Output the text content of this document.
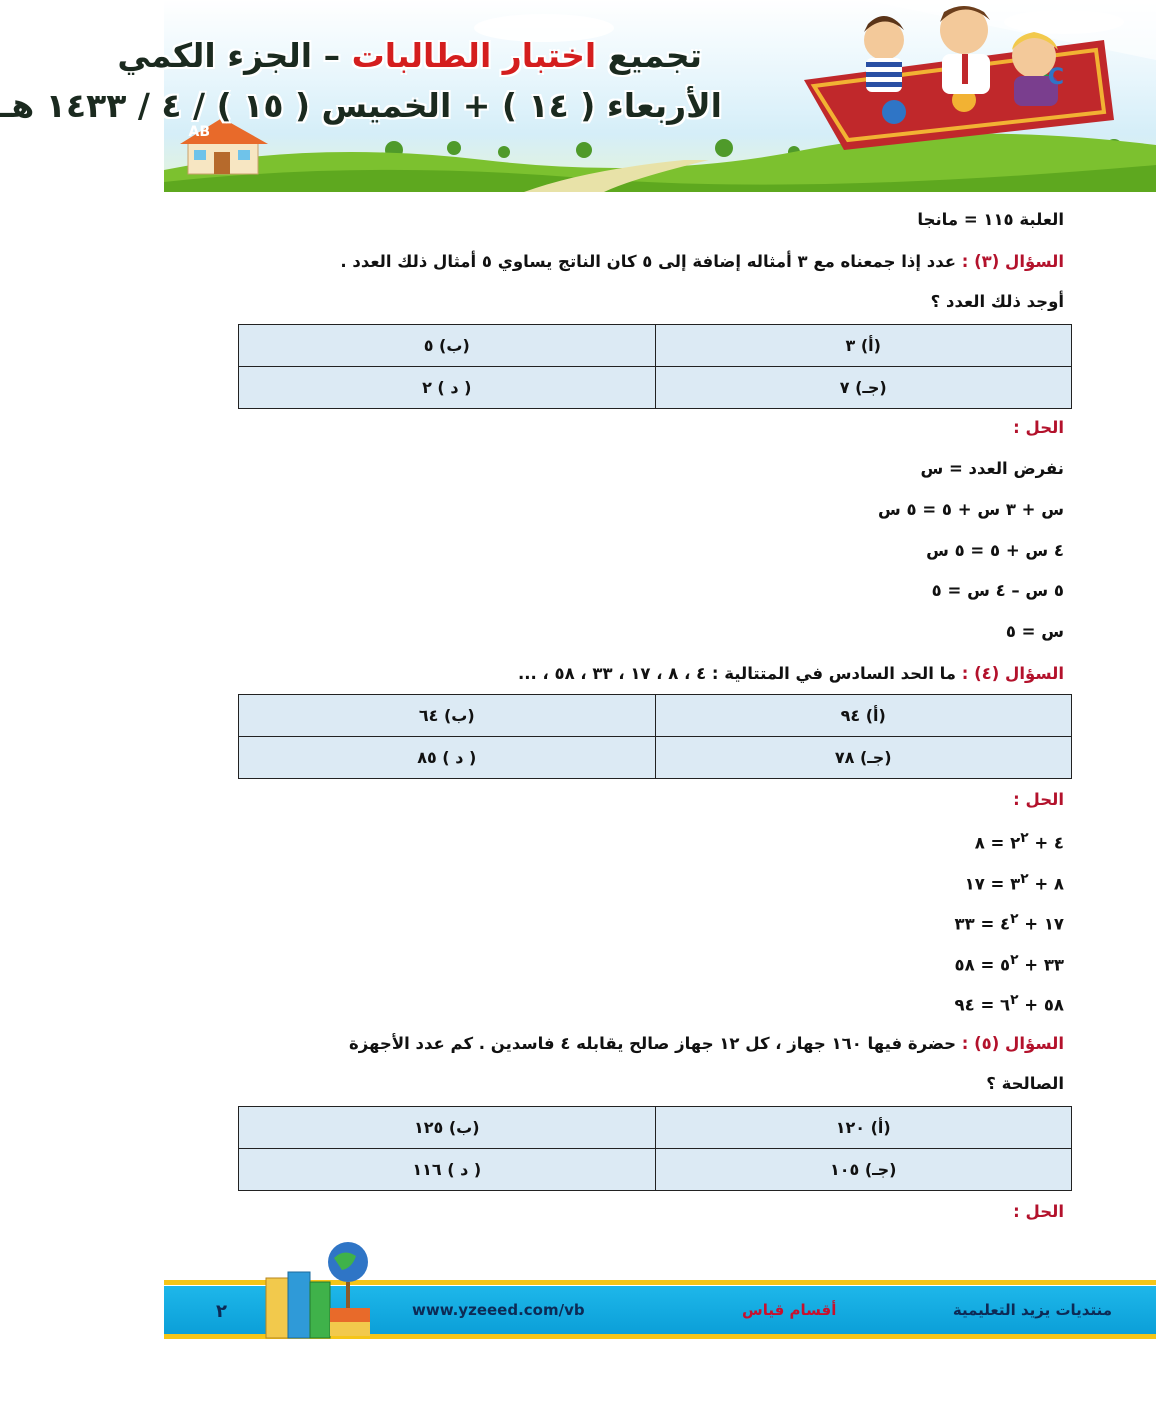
AB
C
تجميع اختبار الطالبات – الجزء الكمي
الأربعاء ( ١٤ ) + الخميس ( ١٥ ) / ٤ / ١٤٣٣ هـ
العلبة ١١٥ = مانجا
السؤال (٣) : عدد إذا جمعناه مع ٣ أمثاله إضافة إلى ٥ كان الناتج يساوي ٥ أمثال ذلك العدد .
أوجد ذلك العدد ؟
(أ) ٣	(ب) ٥
(جـ) ٧	( د ) ٢
الحل :
نفرض العدد = س
س + ٣ س + ٥ = ٥ س
٤ س + ٥ = ٥ س
٥ س – ٤ س = ٥
س = ٥
السؤال (٤) : ما الحد السادس في المتتالية : ٤ ، ٨ ، ١٧ ، ٣٣ ، ٥٨ ، ...
(أ) ٩٤	(ب) ٦٤
(جـ) ٧٨	( د ) ٨٥
الحل :
٤ + $٢^٢$ = ٨
٨ + $٣^٢$ = ١٧
١٧ + $٤^٢$ = ٣٣
٣٣ + $٥^٢$ = ٥٨
٥٨ + $٦^٢$ = ٩٤
السؤال (٥) : حضرة فيها ١٦٠ جهاز ، كل ١٢ جهاز صالح يقابله ٤ فاسدين . كم عدد الأجهزة
الصالحة ؟
(أ) ١٢٠	(ب) ١٢٥
(جـ) ١٠٥	( د ) ١١٦
الحل :
منتديات يزيد التعليمية
أقسام قياس
www.yzeeed.com/vb
٢
